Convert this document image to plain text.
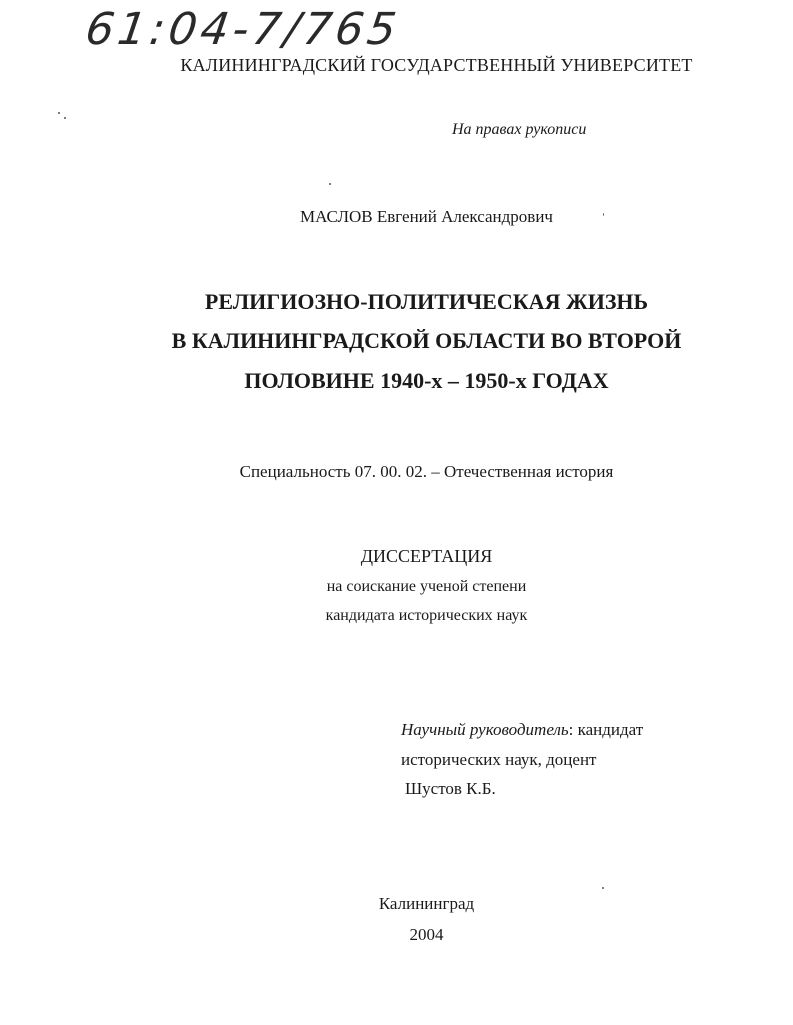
61:04-7/765
КАЛИНИНГРАДСКИЙ ГОСУДАРСТВЕННЫЙ УНИВЕРСИТЕТ
На правах рукописи
МАСЛОВ Евгений Александрович
РЕЛИГИОЗНО-ПОЛИТИЧЕСКАЯ ЖИЗНЬ
В КАЛИНИНГРАДСКОЙ ОБЛАСТИ ВО ВТОРОЙ
ПОЛОВИНЕ 1940-х – 1950-х ГОДАХ
Специальность 07. 00. 02. – Отечественная история
ДИССЕРТАЦИЯ
на соискание ученой степени
кандидата исторических наук
Научный руководитель: кандидат
исторических наук, доцент
Шустов К.Б.
Калининград
2004
